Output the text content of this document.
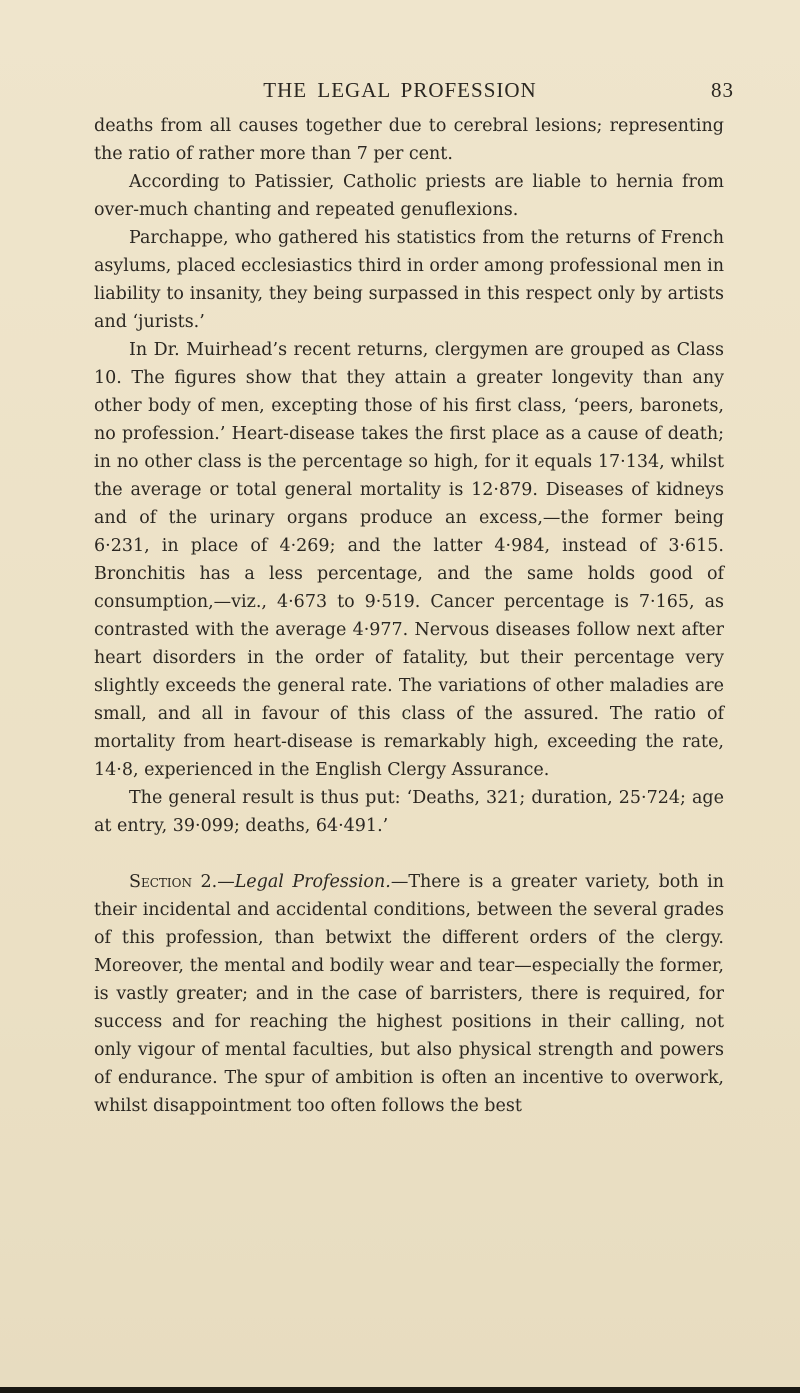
THE LEGAL PROFESSION	83

deaths from all causes together due to cerebral lesions; representing the ratio of rather more than 7 per cent.

According to Patissier, Catholic priests are liable to hernia from over-much chanting and repeated genuflexions.

Parchappe, who gathered his statistics from the returns of French asylums, placed ecclesiastics third in order among professional men in liability to insanity, they being surpassed in this respect only by artists and ‘jurists.’

In Dr. Muirhead’s recent returns, clergymen are grouped as Class 10. The figures show that they attain a greater longevity than any other body of men, excepting those of his first class, ‘peers, baronets, no profession.’ Heart-disease takes the first place as a cause of death; in no other class is the percentage so high, for it equals 17·134, whilst the average or total general mortality is 12·879. Diseases of kidneys and of the urinary organs produce an excess,—the former being 6·231, in place of 4·269; and the latter 4·984, instead of 3·615. Bronchitis has a less percentage, and the same holds good of consumption,—viz., 4·673 to 9·519. Cancer percentage is 7·165, as contrasted with the average 4·977. Nervous diseases follow next after heart disorders in the order of fatality, but their percentage very slightly exceeds the general rate. The variations of other maladies are small, and all in favour of this class of the assured. The ratio of mortality from heart-disease is remarkably high, exceeding the rate, 14·8, experienced in the English Clergy Assurance.

The general result is thus put: ‘Deaths, 321; duration, 25·724; age at entry, 39·099; deaths, 64·491.’

Section 2.—Legal Profession.—There is a greater variety, both in their incidental and accidental conditions, between the several grades of this profession, than betwixt the different orders of the clergy. Moreover, the mental and bodily wear and tear—especially the former, is vastly greater; and in the case of barristers, there is required, for success and for reaching the highest positions in their calling, not only vigour of mental faculties, but also physical strength and powers of endurance. The spur of ambition is often an incentive to overwork, whilst disappointment too often follows the best
